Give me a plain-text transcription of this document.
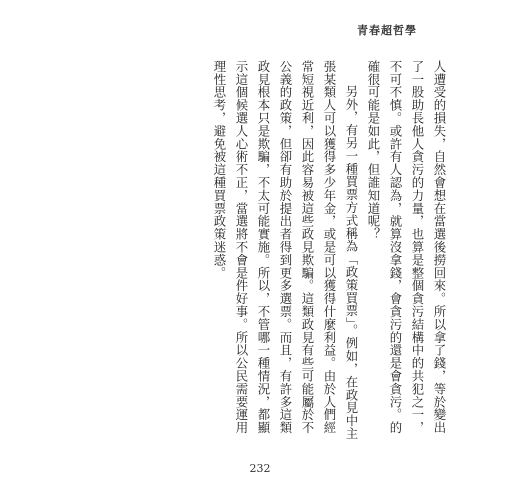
青春超哲學

人遭受的損失，自然會想在當選後撈回來。所以拿了錢，等於變出了一股助長他人貪污的力量，也算是整個貪污結構中的共犯之一，不可不慎。或許有人認為，就算沒拿錢，會貪污的還是會貪污。的確很可能是如此，但誰知道呢？

另外，有另一種買票方式稱為「政策買票」。例如，在政見中主張某類人可以獲得多少年金，或是可以獲得什麼利益。由於人們經常短視近利，因此容易被這些政見欺騙。這類政見有些可能屬於不公義的政策，但卻有助於提出者得到更多選票。而且，有許多這類政見根本只是欺騙，不太可能實施。所以，不管哪一種情況，都顯示這個候選人心術不正，當選將不會是件好事。所以公民需要運用理性思考，避免被這種買票政策迷惑。

232
